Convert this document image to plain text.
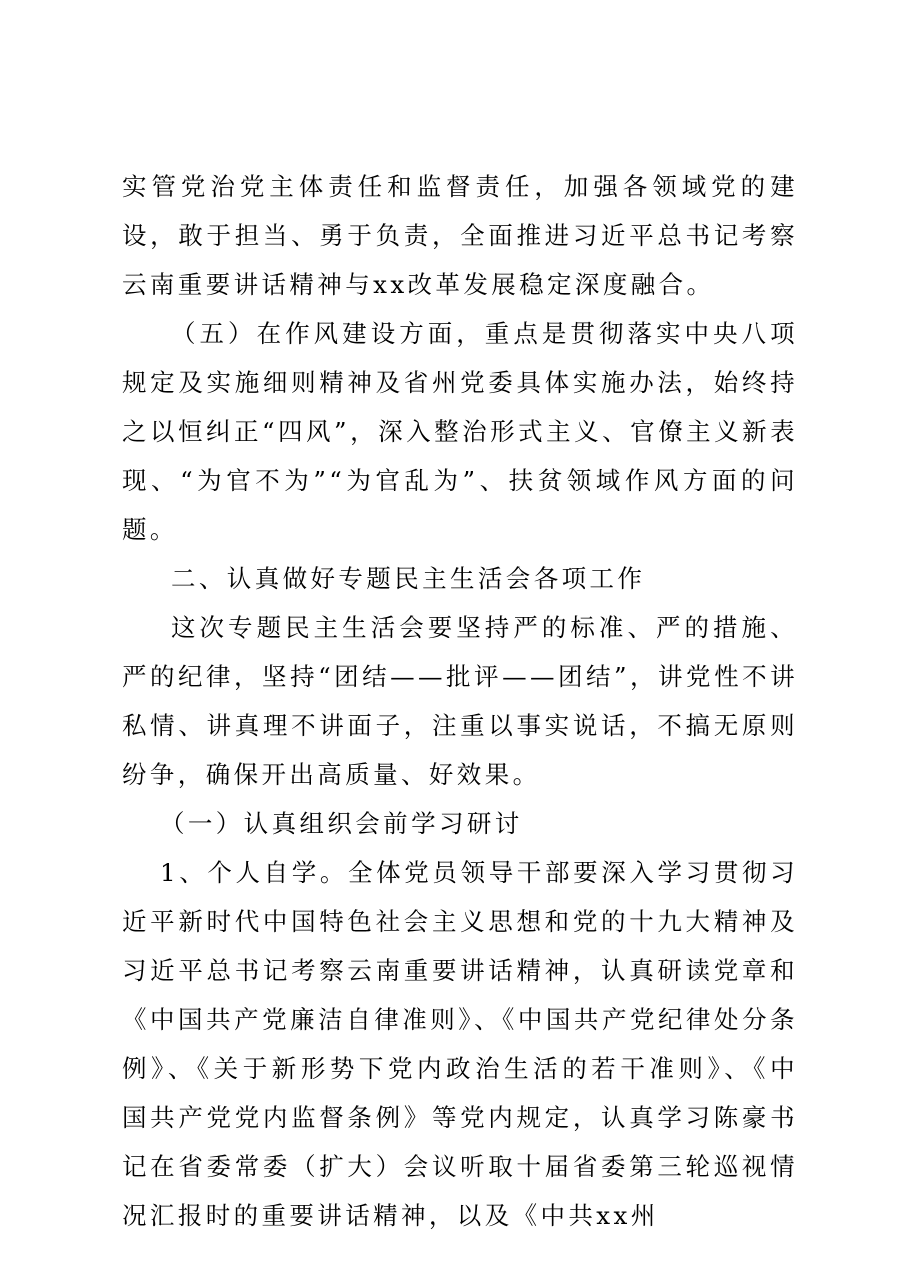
实管党治党主体责任和监督责任，加强各领域党的建设，敢于担当、勇于负责，全面推进习近平总书记考察云南重要讲话精神与xx改革发展稳定深度融合。

（五）在作风建设方面，重点是贯彻落实中央八项规定及实施细则精神及省州党委具体实施办法，始终持之以恒纠正“四风”，深入整治形式主义、官僚主义新表现、“为官不为”“为官乱为”、扶贫领域作风方面的问题。

二、认真做好专题民主生活会各项工作

这次专题民主生活会要坚持严的标准、严的措施、严的纪律，坚持“团结——批评——团结”，讲党性不讲私情、讲真理不讲面子，注重以事实说话，不搞无原则纷争，确保开出高质量、好效果。

（一）认真组织会前学习研讨

1、个人自学。全体党员领导干部要深入学习贯彻习近平新时代中国特色社会主义思想和党的十九大精神及习近平总书记考察云南重要讲话精神，认真研读党章和《中国共产党廉洁自律准则》、《中国共产党纪律处分条例》、《关于新形势下党内政治生活的若干准则》、《中国共产党党内监督条例》等党内规定，认真学习陈豪书记在省委常委（扩大）会议听取十届省委第三轮巡视情况汇报时的重要讲话精神，以及《中共xx州
